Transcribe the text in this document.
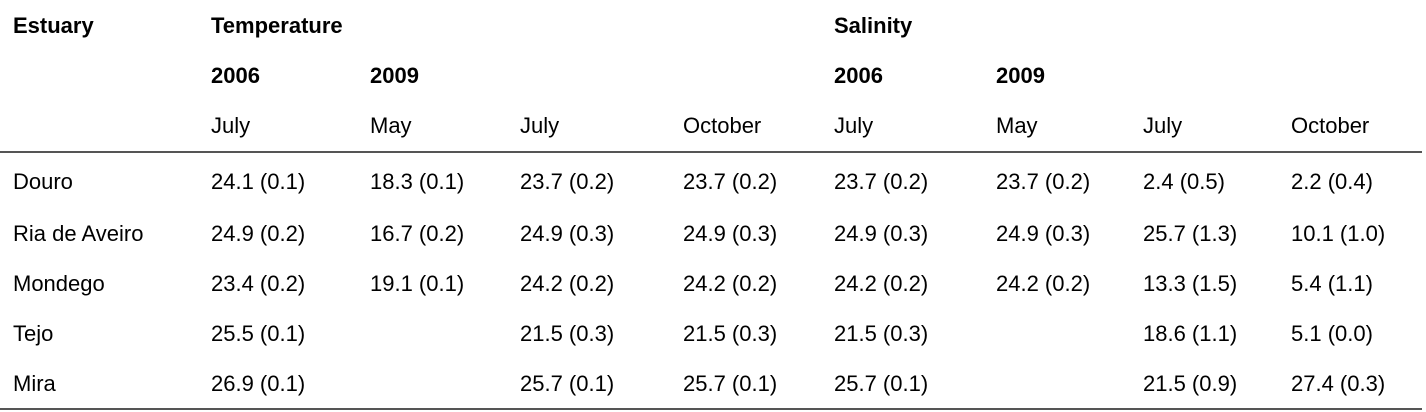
Estuary	Temperature				Salinity			
	2006	2009			2006	2009		
	July	May	July	October	July	May	July	October
Douro	24.1 (0.1)	18.3 (0.1)	23.7 (0.2)	23.7 (0.2)	23.7 (0.2)	23.7 (0.2)	2.4 (0.5)	2.2 (0.4)
Ria de Aveiro	24.9 (0.2)	16.7 (0.2)	24.9 (0.3)	24.9 (0.3)	24.9 (0.3)	24.9 (0.3)	25.7 (1.3)	10.1 (1.0)
Mondego	23.4 (0.2)	19.1 (0.1)	24.2 (0.2)	24.2 (0.2)	24.2 (0.2)	24.2 (0.2)	13.3 (1.5)	5.4 (1.1)
Tejo	25.5 (0.1)		21.5 (0.3)	21.5 (0.3)	21.5 (0.3)		18.6 (1.1)	5.1 (0.0)
Mira	26.9 (0.1)		25.7 (0.1)	25.7 (0.1)	25.7 (0.1)		21.5 (0.9)	27.4 (0.3)
